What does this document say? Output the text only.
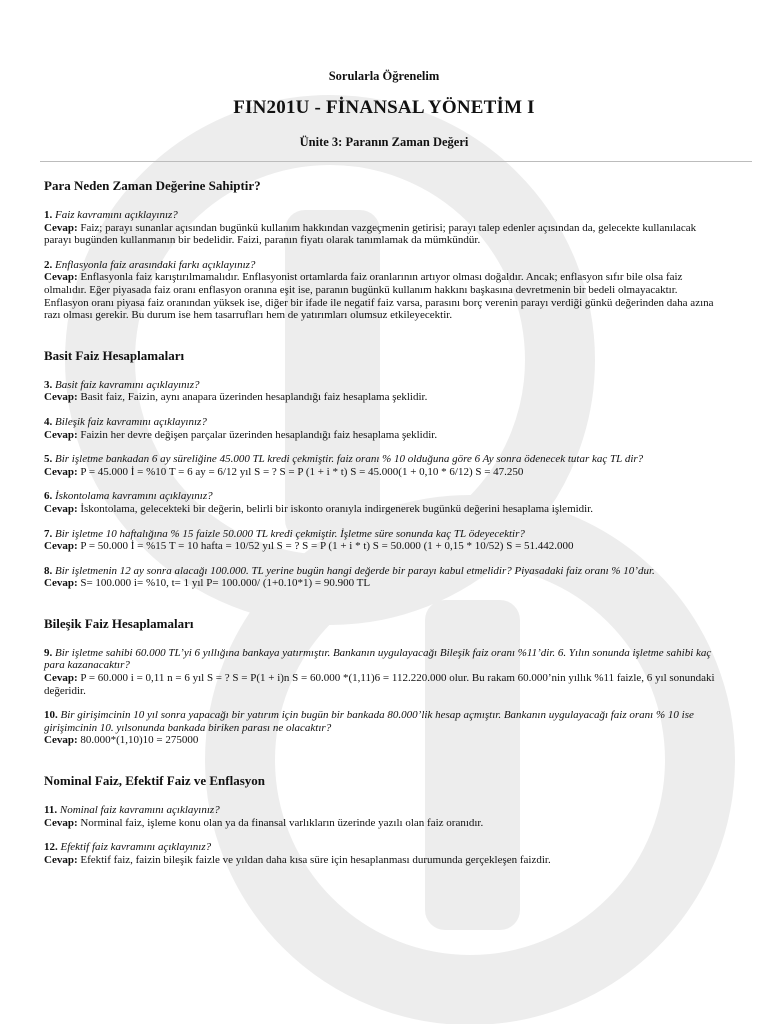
Sorularla Öğrenelim
FIN201U - FİNANSAL YÖNETİM I
Ünite 3: Paranın Zaman Değeri
Para Neden Zaman Değerine Sahiptir?

1. Faiz kavramını açıklayınız?

Cevap: Faiz; parayı sunanlar açısından bugünkü kullanım hakkından vazgeçmenin getirisi; parayı talep edenler açısından da, gelecekte kullanılacak parayı bugünden kullanmanın bir bedelidir. Faizi, paranın fiyatı olarak tanımlamak da mümkündür.

2. Enflasyonla faiz arasındaki farkı açıklayınız?

Cevap: Enflasyonla faiz karıştırılmamalıdır. Enflasyonist ortamlarda faiz oranlarının artıyor olması doğaldır. Ancak; enflasyon sıfır bile olsa faiz olmalıdır. Eğer piyasada faiz oranı enflasyon oranına eşit ise, paranın bugünkü kullanım hakkını başkasına devretmenin bir bedeli olmayacaktır. Enflasyon oranı piyasa faiz oranından yüksek ise, diğer bir ifade ile negatif faiz varsa, parasını borç verenin parayı verdiği günkü değerinden daha azına razı olması gerekir. Bu durum ise hem tasarrufları hem de yatırımları olumsuz etkileyecektir.

Basit Faiz Hesaplamaları

3. Basit faiz kavramını açıklayınız?

Cevap: Basit faiz, Faizin, aynı anapara üzerinden hesaplandığı faiz hesaplama şeklidir.

4. Bileşik faiz kavramını açıklayınız?

Cevap: Faizin her devre değişen parçalar üzerinden hesaplandığı faiz hesaplama şeklidir.

5. Bir işletme bankadan 6 ay süreliğine 45.000 TL kredi çekmiştir. faiz oranı % 10 olduğuna göre 6 Ay sonra ödenecek tutar kaç TL dir?

Cevap: P = 45.000 İ = %10 T = 6 ay = 6/12 yıl S = ? S = P (1 + i * t) S = 45.000(1 + 0,10 * 6/12) S = 47.250

6. İskontolama kavramını açıklayınız?

Cevap: İskontolama, gelecekteki bir değerin, belirli bir iskonto oranıyla indirgenerek bugünkü değerini hesaplama işlemidir.

7. Bir işletme 10 haftalığına % 15 faizle 50.000 TL kredi çekmiştir. İşletme süre sonunda kaç TL ödeyecektir?

Cevap: P = 50.000 İ = %15 T = 10 hafta = 10/52 yıl S = ? S = P (1 + i * t) S = 50.000 (1 + 0,15 * 10/52) S = 51.442.000

8. Bir işletmenin 12 ay sonra alacağı 100.000. TL yerine bugün hangi değerde bir parayı kabul etmelidir? Piyasadaki faiz oranı % 10’dur.

Cevap: S= 100.000 i= %10, t= 1 yıl P= 100.000/ (1+0.10*1) = 90.900 TL

Bileşik Faiz Hesaplamaları

9. Bir işletme sahibi 60.000 TL’yi 6 yıllığına bankaya yatırmıştır. Bankanın uygulayacağı Bileşik faiz oranı %11’dir. 6. Yılın sonunda işletme sahibi kaç para kazanacaktır?

Cevap: P = 60.000 i = 0,11 n = 6 yıl S = ? S = P(1 + i)n S = 60.000 *(1,11)6 = 112.220.000 olur. Bu rakam 60.000’nin yıllık %11 faizle, 6 yıl sonundaki değeridir.

10. Bir girişimcinin 10 yıl sonra yapacağı bir yatırım için bugün bir bankada 80.000’lik hesap açmıştır. Bankanın uygulayacağı faiz oranı % 10 ise girişimcinin 10. yılsonunda bankada biriken parası ne olacaktır?

Cevap: 80.000*(1,10)10 = 275000

Nominal Faiz, Efektif Faiz ve Enflasyon

11. Nominal faiz kavramını açıklayınız?

Cevap: Norminal faiz, işleme konu olan ya da finansal varlıkların üzerinde yazılı olan faiz oranıdır.

12. Efektif faiz kavramını açıklayınız?

Cevap: Efektif faiz, faizin bileşik faizle ve yıldan daha kısa süre için hesaplanması durumunda gerçekleşen faizdir.
